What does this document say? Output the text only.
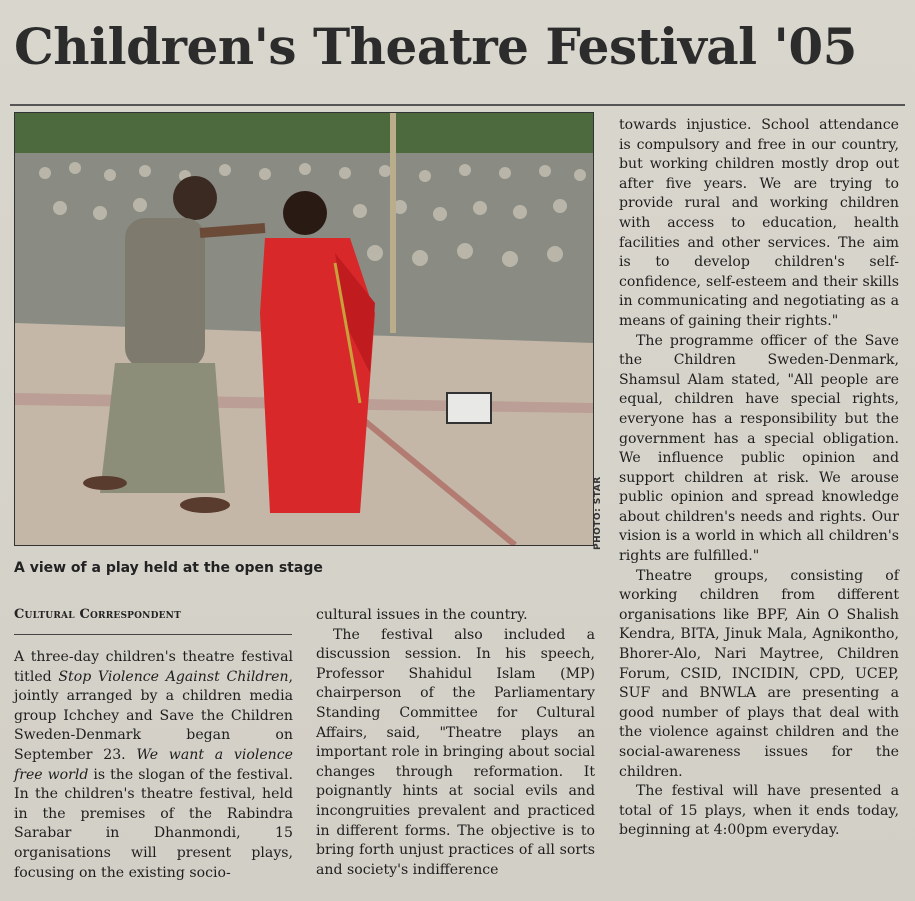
Children's Theatre Festival '05
PHOTO: STAR
A view of a play held at the open stage
Cultural Correspondent

A three-day children's theatre festival titled Stop Violence Against Children, jointly arranged by a children media group Ichchey and Save the Children Sweden-Denmark began on September 23. We want a violence free world is the slogan of the festival. In the children's theatre festival, held in the premises of the Rabindra Sarabar in Dhanmondi, 15 organisations will present plays, focusing on the existing socio-

cultural issues in the country.

The festival also included a discussion session. In his speech, Professor Shahidul Islam (MP) chairperson of the Parliamentary Standing Committee for Cultural Affairs, said, "Theatre plays an important role in bringing about social changes through reformation. It poignantly hints at social evils and incongruities prevalent and practiced in different forms. The objective is to bring forth unjust practices of all sorts and society's indifference

towards injustice. School attendance is compulsory and free in our country, but working children mostly drop out after five years. We are trying to provide rural and working children with access to education, health facilities and other services. The aim is to develop children's self-confidence, self-esteem and their skills in communicating and negotiating as a means of gaining their rights."

The programme officer of the Save the Children Sweden-Denmark, Shamsul Alam stated, "All people are equal, children have special rights, everyone has a responsibility but the government has a special obligation. We influence public opinion and support children at risk. We arouse public opinion and spread knowledge about children's needs and rights. Our vision is a world in which all children's rights are fulfilled."

Theatre groups, consisting of working children from different organisations like BPF, Ain O Shalish Kendra, BITA, Jinuk Mala, Agnikontho, Bhorer-Alo, Nari Maytree, Children Forum, CSID, INCIDIN, CPD, UCEP, SUF and BNWLA are presenting a good number of plays that deal with the violence against children and the social-awareness issues for the children.

The festival will have presented a total of 15 plays, when it ends today, beginning at 4:00pm everyday.
